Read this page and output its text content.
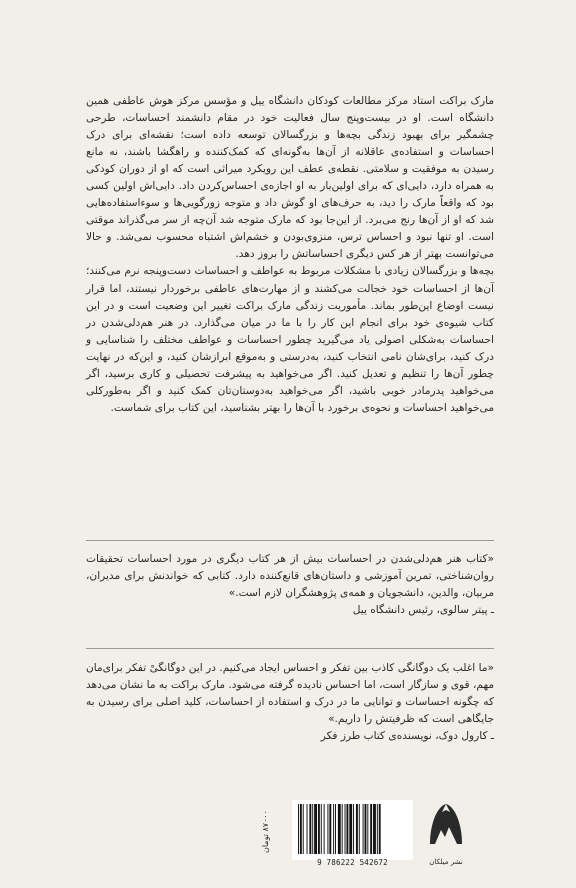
مارک براکت استاد مرکز مطالعات کودکان دانشگاه ییل و مؤسس مرکز هوش عاطفی همین دانشگاه است. او در بیست‌وپنج سال فعالیت خود در مقام دانشمند احساسات، طرحی چشمگیر برای بهبود زندگی بچه‌ها و بزرگسالان توسعه داده است؛ نقشه‌ای برای درک احساسات و استفاده‌ی عاقلانه از آن‌ها به‌گونه‌ای که کمک‌کننده و راهگشا باشند، نه مانع رسیدن به موفقیت و سلامتی. نقطه‌ی عطف این رویکرد میراثی است که او از دوران کودکی به همراه دارد، دایی‌ای که برای اولین‌بار به او اجازه‌ی احساس‌کردن داد. دایی‌اش اولین کسی بود که واقعاً مارک را دید، به حرف‌های او گوش داد و متوجه زورگویی‌ها و سوءاستفاده‌هایی شد که او از آن‌ها رنج می‌برد. از این‌جا بود که مارک متوجه شد آن‌چه از سر می‌گذراند موقتی است. او تنها نبود و احساس ترس، منزوی‌بودن و خشم‌اش اشتباه محسوب نمی‌شد. و حالا می‌توانست بهتر از هر کس دیگری احساساتش را بروز دهد.

بچه‌ها و بزرگسالان زیادی با مشکلات مربوط به عواطف و احساسات دست‌وپنجه نرم می‌کنند؛ آن‌ها از احساسات خود خجالت می‌کشند و از مهارت‌های عاطفی برخوردار نیستند، اما قرار نیست اوضاع این‌طور بماند. مأموریت زندگی مارک براکت تغییر این وضعیت است و در این کتاب شیوه‌ی خود برای انجام این کار را با ما در میان می‌گذارد. در هنر هم‌دلی‌شدن در احساسات به‌شکلی اصولی یاد می‌گیرید چطور احساسات و عواطف مختلف را شناسایی و درک کنید، برای‌شان نامی انتخاب کنید، به‌درستی و به‌موقع ابرازشان کنید، و این‌که در نهایت چطور آن‌ها را تنظیم و تعدیل کنید. اگر می‌خواهید به پیشرفت تحصیلی و کاری برسید، اگر می‌خواهید پدرمادر خوبی باشید، اگر می‌خواهید به‌دوستان‌تان کمک کنید و اگر به‌طورکلی می‌خواهید احساسات و نحوه‌ی برخورد با آن‌ها را بهتر بشناسید، این کتاب برای شماست.

«کتاب هنر هم‌دلی‌شدن در احساسات بیش از هر کتاب دیگری در مورد احساسات تحقیقات روان‌شناختی، تمرین آموزشی و داستان‌های قانع‌کننده دارد. کتابی که خواندنش برای مدیران، مربیان، والدین، دانشجویان و همه‌ی پژوهشگران لازم است.»

ـ پیتر سالوی، رئیس دانشگاه ییل

«ما اغلب یک دوگانگی کاذب بین تفکر و احساس ایجاد می‌کنیم. در این دوگانگیْ تفکر برای‌مان مهم، قوی و سازگار است، اما احساس نادیده گرفته می‌شود. مارک براکت به ما نشان می‌دهد که چگونه احساسات و توانایی ما در درک و استفاده از احساسات، کلید اصلی برای رسیدن به جایگاهی است که ظرفیتش را داریم.»

ـ کارول دوک، نویسنده‌ی کتاب طرز فکر

۸۷۰۰۰ تومان
9 786222 542672	نشر میلکان
